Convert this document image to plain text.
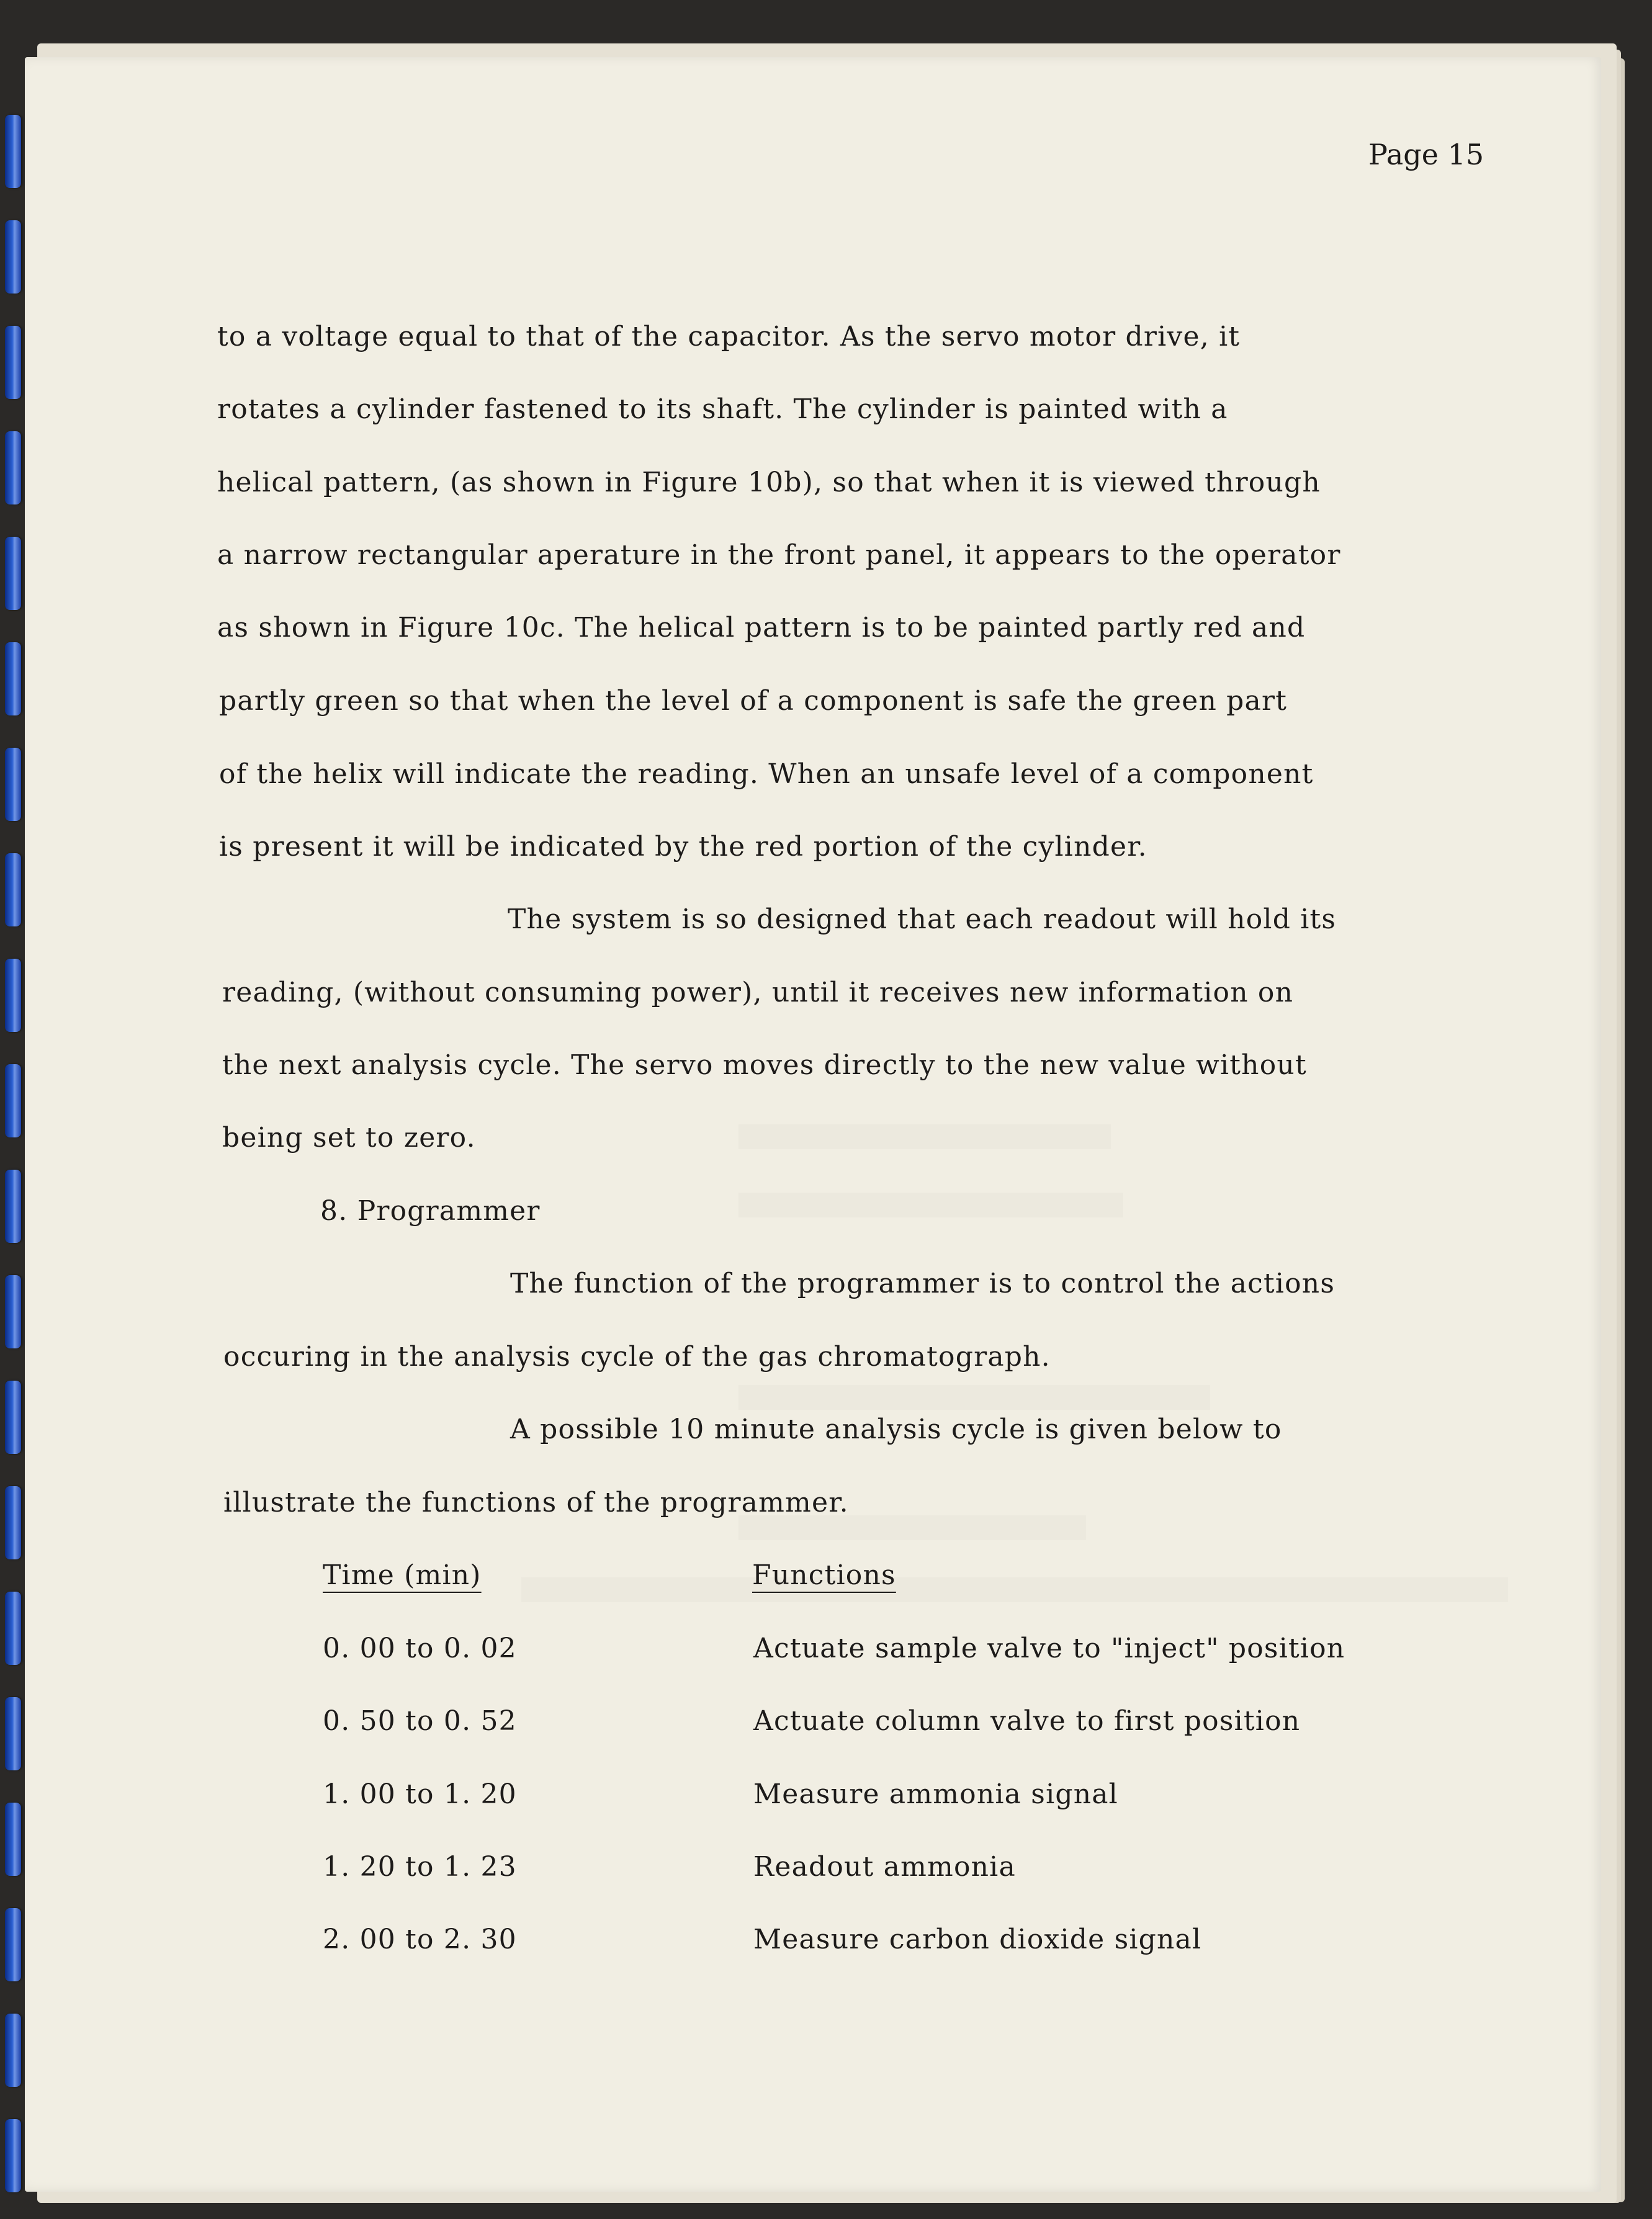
Page 15
to a voltage equal to that of the capacitor. As the servo motor drive, it
rotates a cylinder fastened to its shaft. The cylinder is painted with a
helical pattern, (as shown in Figure 10b), so that when it is viewed through
a narrow rectangular aperature in the front panel, it appears to the operator
as shown in Figure 10c. The helical pattern is to be painted partly red and
partly green so that when the level of a component is safe the green part
of the helix will indicate the reading. When an unsafe level of a component
is present it will be indicated by the red portion of the cylinder.
The system is so designed that each readout will hold its
reading, (without consuming power), until it receives new information on
the next analysis cycle. The servo moves directly to the new value without
being set to zero.
8. Programmer
The function of the programmer is to control the actions
occuring in the analysis cycle of the gas chromatograph.
A possible 10 minute analysis cycle is given below to
illustrate the functions of the programmer.
Time (min)	Functions
0. 00 to 0. 02	Actuate sample valve to "inject" position
0. 50 to 0. 52	Actuate column valve to first position
1. 00 to 1. 20	Measure ammonia signal
1. 20 to 1. 23	Readout ammonia
2. 00 to 2. 30	Measure carbon dioxide signal
